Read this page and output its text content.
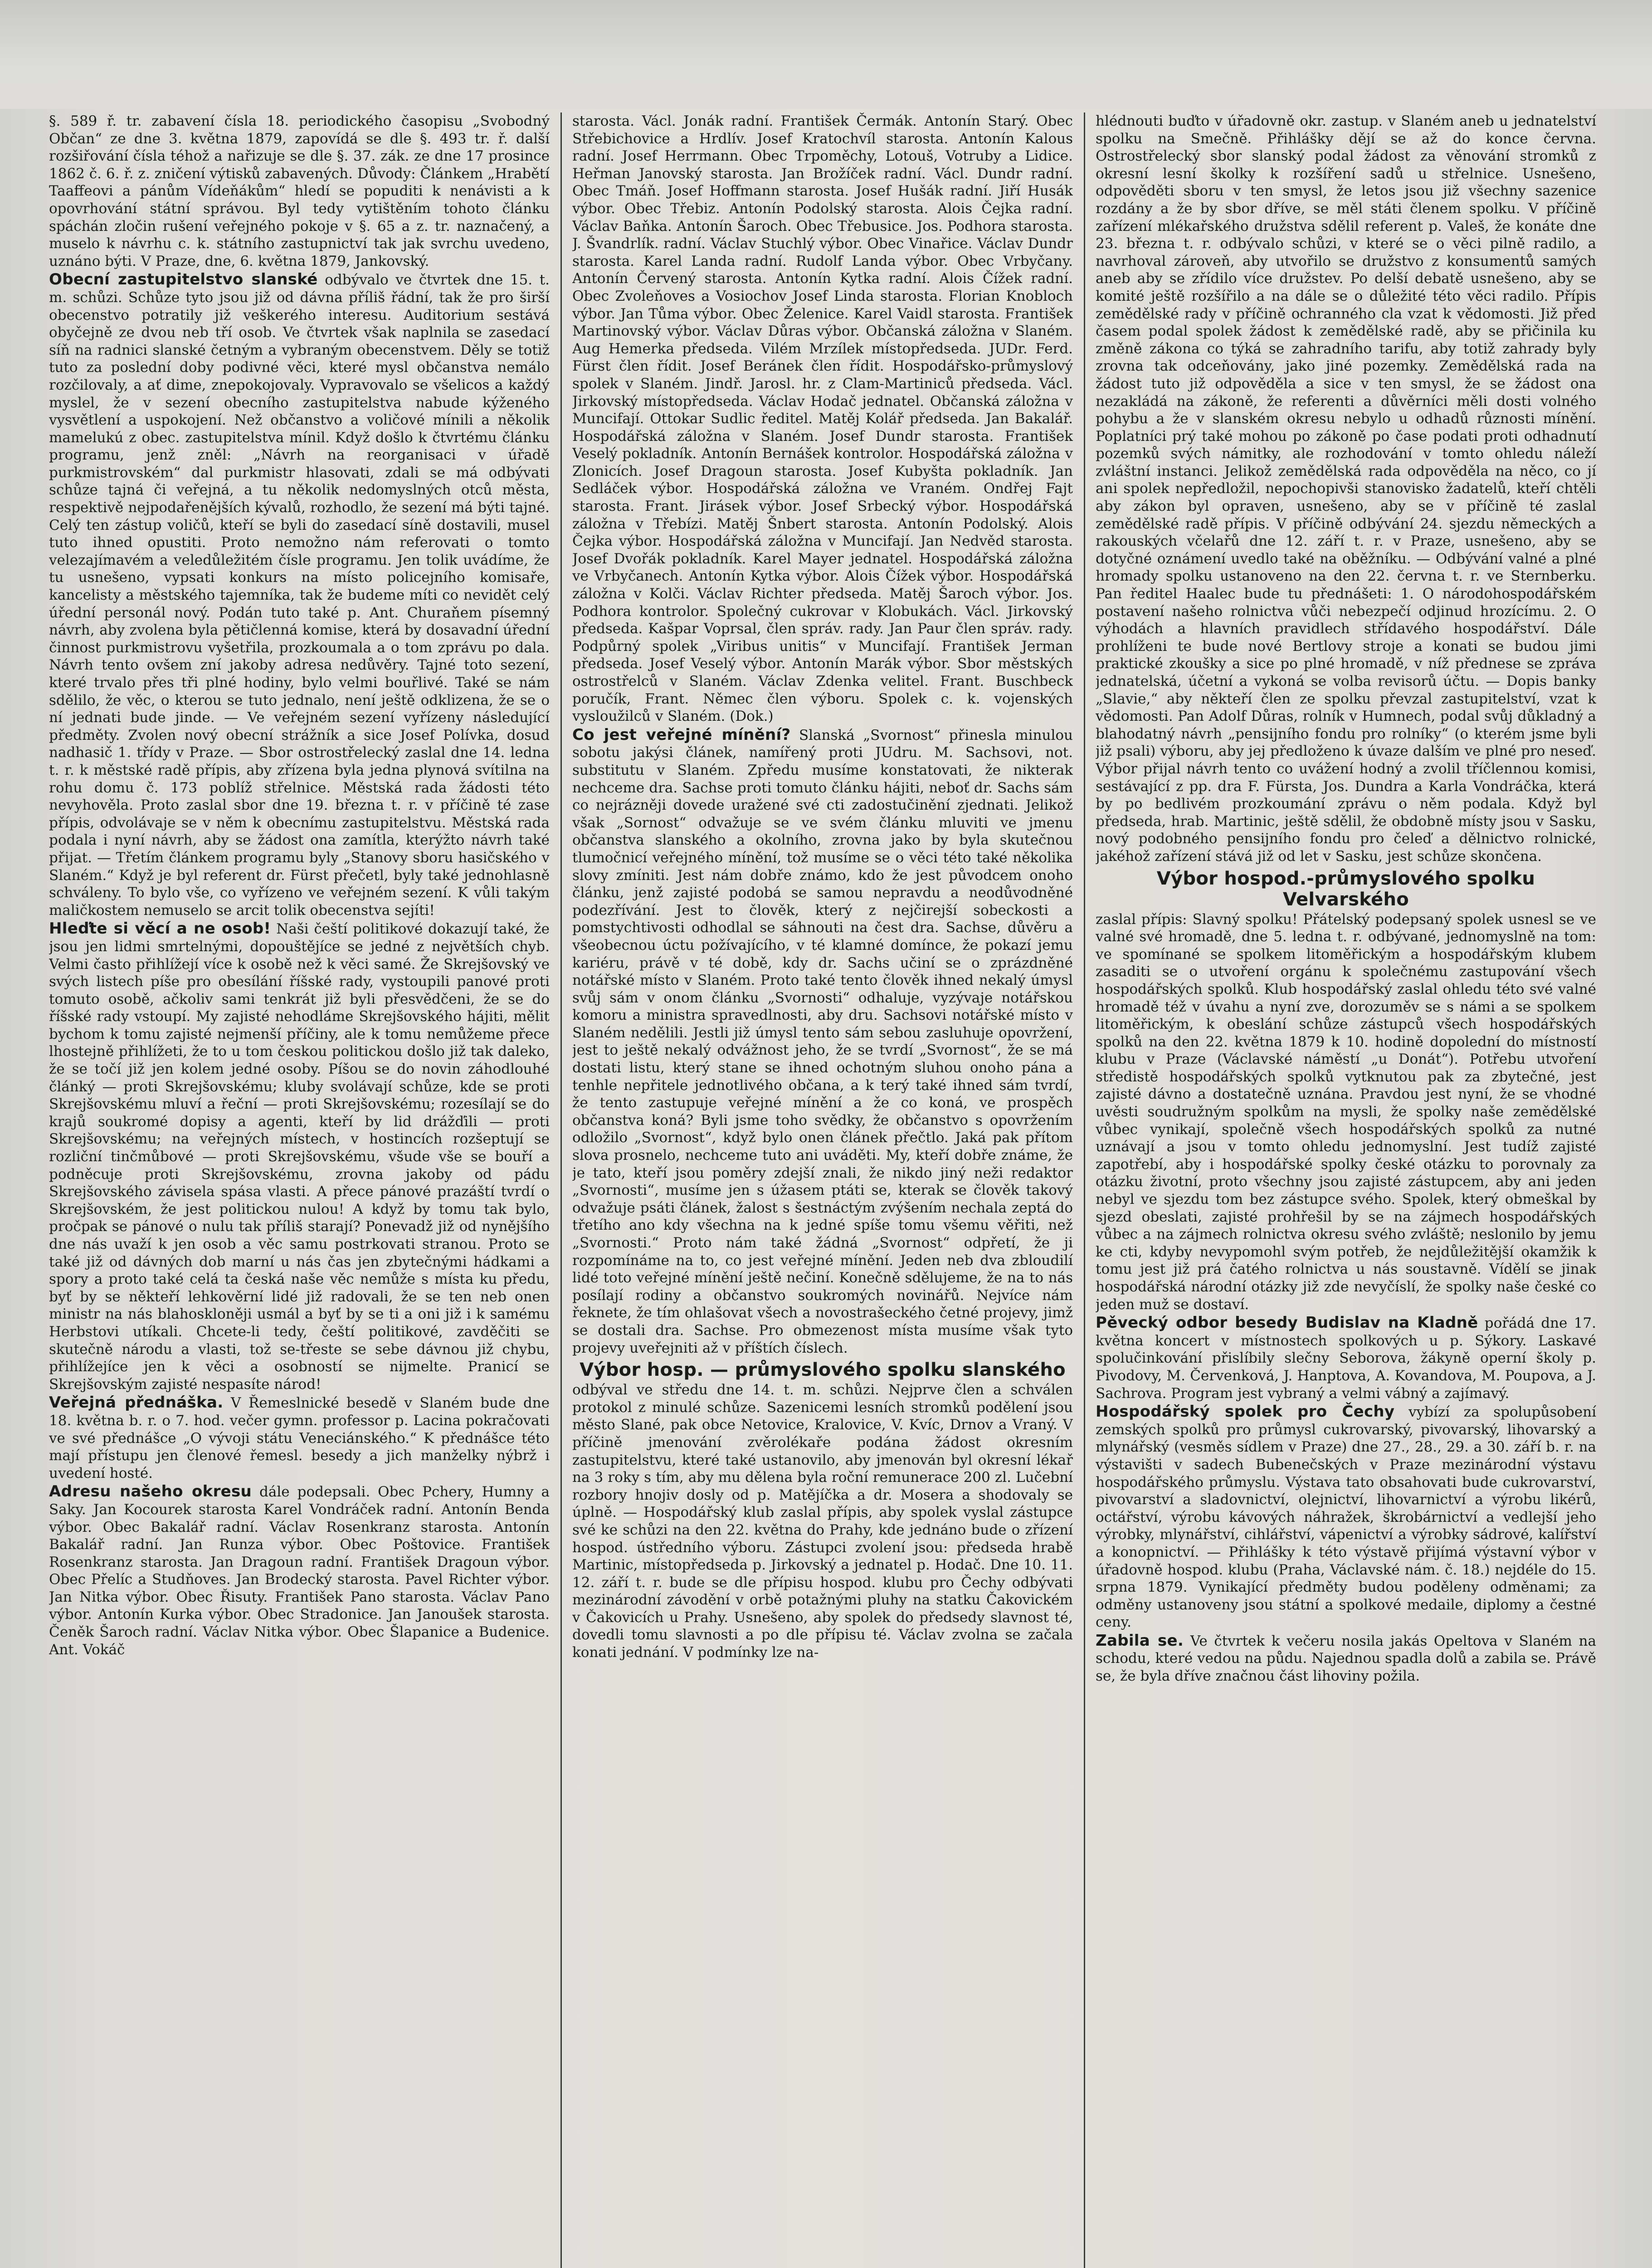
§. 589 ř. tr. zabavení čísla 18. periodického časopisu „Svobodný Občan“ ze dne 3. května 1879, zapovídá se dle §. 493 tr. ř. další rozšiřování čísla téhož a nařizuje se dle §. 37. zák. ze dne 17 prosince 1862 č. 6. ř. z. zničení výtisků zabavených. Důvody: Článkem „Hrabětí Taaffeovi a pánům Vídeňákům“ hledí se popuditi k nenávisti a k opovrhování státní správou. Byl tedy vytištěním tohoto článku spáchán zločin rušení veřejného pokoje v §. 65 a z. tr. naznačený, a muselo k návrhu c. k. státního zastupnictví tak jak svrchu uvedeno, uznáno býti. V Praze, dne, 6. května 1879, Jankovský.

Obecní zastupitelstvo slanské odbývalo ve čtvrtek dne 15. t. m. schůzi. Schůze tyto jsou již od dávna příliš řádní, tak že pro širší obecenstvo potratily již veškerého interesu. Auditorium sestává obyčejně ze dvou neb tří osob. Ve čtvrtek však naplnila se zasedací síň na radnici slanské četným a vybraným obecenstvem. Děly se totiž tuto za poslední doby podivné věci, které mysl občanstva nemálo rozčilovaly, a ať dime, znepokojovaly. Vypravovalo se všelicos a každý myslel, že v sezení obecního zastupitelstva nabude kýženého vysvětlení a uspokojení. Než občanstvo a voličové mínili a několik mamelukú z obec. zastupitelstva mínil. Když došlo k čtvrtému článku programu, jenž zněl: „Návrh na reorganisaci v úřadě purkmistrovském“ dal purkmistr hlasovati, zdali se má odbývati schůze tajná či veřejná, a tu několik nedomyslných otců města, respektivě nejpodařenějších kývalů, rozhodlo, že sezení má býti tajné. Celý ten zástup voličů, kteří se byli do zasedací síně dostavili, musel tuto ihned opustiti. Proto nemožno nám referovati o tomto velezajímavém a veledůležitém čísle programu. Jen tolik uvádíme, že tu usnešeno, vypsati konkurs na místo policejního komisaře, kancelisty a městského tajemníka, tak že budeme míti co nevidět celý úřední personál nový. Podán tuto také p. Ant. Churaňem písemný návrh, aby zvolena byla pětičlenná komise, která by dosavadní úřední činnost purkmistrovu vyšetřila, prozkoumala a o tom zprávu po dala. Návrh tento ovšem zní jakoby adresa nedůvěry. Tajné toto sezení, které trvalo přes tři plné hodiny, bylo velmi bouřlivé. Také se nám sdělilo, že věc, o kterou se tuto jednalo, není ještě odklizena, že se o ní jednati bude jinde. — Ve veřejném sezení vyřízeny následující předměty. Zvolen nový obecní strážník a sice Josef Polívka, dosud nadhasič 1. třídy v Praze. — Sbor ostrostřelecký zaslal dne 14. ledna t. r. k městské radě přípis, aby zřízena byla jedna plynová svítilna na rohu domu č. 173 poblíž střelnice. Městská rada žádosti této nevyhověla. Proto zaslal sbor dne 19. března t. r. v příčině té zase přípis, odvolávaje se v něm k obecnímu zastupitelstvu. Městská rada podala i nyní návrh, aby se žádost ona zamítla, kterýžto návrh také přijat. — Třetím článkem programu byly „Stanovy sboru hasičského v Slaném.“ Když je byl referent dr. Fürst přečetl, byly také jednohlasně schváleny. To bylo vše, co vyřízeno ve veřejném sezení. K vůli takým maličkostem nemuselo se arcit tolik obecenstva sejíti!

Hleďte si věcí a ne osob! Naši čeští politikové dokazují také, že jsou jen lidmi smrtelnými, dopouštějíce se jedné z největších chyb. Velmi často přihlížejí více k osobě než k věci samé. Že Skrejšovský ve svých listech píše pro obesílání říšské rady, vystoupili panové proti tomuto osobě, ačkoliv sami tenkrát již byli přesvědčeni, že se do říšské rady vstoupí. My zajisté nehodláme Skrejšovského hájiti, mělit bychom k tomu zajisté nejmenší příčiny, ale k tomu nemůžeme přece lhostejně přihlížeti, že to u tom českou politickou došlo již tak daleko, že se točí již jen kolem jedné osoby. Píšou se do novin záhodlouhé článký — proti Skrejšovskému; kluby svolávají schůze, kde se proti Skrejšovskému mluví a řeční — proti Skrejšovskému; rozesílají se do krajů soukromé dopisy a agenti, kteří by lid drážďili — proti Skrejšovskému; na veřejných místech, v hostincích rozšeptují se rozliční tinčmůbové — proti Skrejšovskému, všude vše se bouří a podněcuje proti Skrejšovskému, zrovna jakoby od pádu Skrejšovského závisela spása vlasti. A přece pánové prazáští tvrdí o Skrejšovském, že jest politickou nulou! A když by tomu tak bylo, pročpak se pánové o nulu tak příliš starají? Ponevadž již od nynějšího dne nás uvaží k jen osob a věc samu postrkovati stranou. Proto se také již od dávných dob marní u nás čas jen zbytečnými hádkami a spory a proto také celá ta česká naše věc nemůže s místa ku předu, byť by se někteří lehkověrní lidé již radovali, že se ten neb onen ministr na nás blahoskloněji usmál a byť by se ti a oni již i k samému Herbstovi utíkali. Chcete-li tedy, čeští politikové, zavděčiti se skutečně národu a vlasti, tož se-třeste se sebe dávnou již chybu, přihlížejíce jen k věci a osobností se nijmelte. Pranicí se Skrejšovským zajisté nespasíte národ!

Veřejná přednáška. V Řemeslnické besedě v Slaném bude dne 18. května b. r. o 7. hod. večer gymn. professor p. Lacina pokračovati ve své přednášce „O vývoji státu Veneciánského.“ K přednášce této mají přístupu jen členové řemesl. besedy a jich manželky nýbrž i uvedení hosté.

Adresu našeho okresu dále podepsali. Obec Pchery, Humny a Saky. Jan Kocourek starosta Karel Vondráček radní. Antonín Benda výbor. Obec Bakalář radní. Václav Rosenkranz starosta. Antonín Bakalář radní. Jan Runza výbor. Obec Poštovice. František Rosenkranz starosta. Jan Dragoun radní. František Dragoun výbor. Obec Přelíc a Studňoves. Jan Brodecký starosta. Pavel Richter výbor. Jan Nitka výbor. Obec Řisuty. František Pano starosta. Václav Pano výbor. Antonín Kurka výbor. Obec Stradonice. Jan Janoušek starosta. Čeněk Šaroch radní. Václav Nitka výbor. Obec Šlapanice a Budenice. Ant. Vokáč

starosta. Václ. Jonák radní. František Čermák. Antonín Starý. Obec Střebichovice a Hrdlív. Josef Kratochvíl starosta. Antonín Kalous radní. Josef Herrmann. Obec Trpoměchy, Lotouš, Votruby a Lidice. Heřman Janovský starosta. Jan Brožíček radní. Václ. Dundr radní. Obec Tmáň. Josef Hoffmann starosta. Josef Hušák radní. Jiří Husák výbor. Obec Třebiz. Antonín Podolský starosta. Alois Čejka radní. Václav Baňka. Antonín Šaroch. Obec Třebusice. Jos. Podhora starosta. J. Švandrlík. radní. Václav Stuchlý výbor. Obec Vinařice. Václav Dundr starosta. Karel Landa radní. Rudolf Landa výbor. Obec Vrbyčany. Antonín Červený starosta. Antonín Kytka radní. Alois Čížek radní. Obec Zvoleňoves a Vosiochov Josef Linda starosta. Florian Knobloch výbor. Jan Tůma výbor. Obec Želenice. Karel Vaidl starosta. František Martinovský výbor. Václav Důras výbor. Občanská záložna v Slaném. Aug Hemerka předseda. Vilém Mrzílek místopředseda. JUDr. Ferd. Fürst člen řídit. Josef Beránek člen řídit. Hospodářsko-průmyslový spolek v Slaném. Jindř. Jarosl. hr. z Clam-Martiniců předseda. Václ. Jirkovský místopředseda. Václav Hodač jednatel. Občanská záložna v Muncifají. Ottokar Sudlic ředitel. Matěj Kolář předseda. Jan Bakalář. Hospodářská záložna v Slaném. Josef Dundr starosta. František Veselý pokladník. Antonín Bernášek kontrolor. Hospodářská záložna v Zlonicích. Josef Dragoun starosta. Josef Kubyšta pokladník. Jan Sedláček výbor. Hospodářská záložna ve Vraném. Ondřej Fajt starosta. Frant. Jirásek výbor. Josef Srbecký výbor. Hospodářská záložna v Třebízi. Matěj Šnbert starosta. Antonín Podolský. Alois Čejka výbor. Hospodářská záložna v Muncifají. Jan Nedvěd starosta. Josef Dvořák pokladník. Karel Mayer jednatel. Hospodářská záložna ve Vrbyčanech. Antonín Kytka výbor. Alois Čížek výbor. Hospodářská záložna v Kolči. Václav Richter předseda. Matěj Šaroch výbor. Jos. Podhora kontrolor. Společný cukrovar v Klobukách. Václ. Jirkovský předseda. Kašpar Voprsal, člen správ. rady. Jan Paur člen správ. rady. Podpůrný spolek „Viribus unitis“ v Muncifají. František Jerman předseda. Josef Veselý výbor. Antonín Marák výbor. Sbor městských ostrostřelců v Slaném. Václav Zdenka velitel. Frant. Buschbeck poručík, Frant. Němec člen výboru. Spolek c. k. vojenských vysloužilců v Slaném. (Dok.)

Co jest veřejné mínění? Slanská „Svornost“ přinesla minulou sobotu jakýsi článek, namířený proti JUdru. M. Sachsovi, not. substitutu v Slaném. Zpředu musíme konstatovati, že nikterak nechceme dra. Sachse proti tomuto článku hájiti, neboť dr. Sachs sám co nejrázněji dovede uražené své cti zadostučinění zjednati. Jelikož však „Sornost“ odvažuje se ve svém článku mluviti ve jmenu občanstva slanského a okolního, zrovna jako by byla skutečnou tlumočnicí veřejného mínění, tož musíme se o věci této také několika slovy zmíniti. Jest nám dobře známo, kdo že jest původcem onoho článku, jenž zajisté podobá se samou nepravdu a neodůvodněné podezřívání. Jest to člověk, který z nejčirejší sobeckosti a pomstychtivosti odhodlal se sáhnouti na čest dra. Sachse, důvěru a všeobecnou úctu požívajícího, v té klamné domínce, že pokazí jemu kariéru, právě v té době, kdy dr. Sachs učiní se o zprázdněné notářské místo v Slaném. Proto také tento člověk ihned nekalý úmysl svůj sám v onom článku „Svornosti“ odhaluje, vyzývaje notářskou komoru a ministra spravedlnosti, aby dru. Sachsovi notářské místo v Slaném nedělili. Jestli již úmysl tento sám sebou zasluhuje opovržení, jest to ještě nekalý odvážnost jeho, že se tvrdí „Svornost“, že se má dostati listu, který stane se ihned ochotným sluhou onoho pána a tenhle nepřitele jednotlivého občana, a k terý také ihned sám tvrdí, že tento zastupuje veřejné mínění a že co koná, ve prospěch občanstva koná? Byli jsme toho svědky, že občanstvo s opovržením odložilo „Svornost“, když bylo onen článek přečtlo. Jaká pak přítom slova prosnelo, nechceme tuto ani uváděti. My, kteří dobře známe, že je tato, kteří jsou poměry zdejší znali, že nikdo jiný neži redaktor „Svornosti“, musíme jen s úžasem ptáti se, kterak se člověk takový odvažuje psáti článek, žalost s šestnáctým zvýšením nechala zeptá do třetího ano kdy všechna na k jedné spíše tomu všemu věřiti, než „Svornosti.“ Proto nám také žádná „Svornost“ odpřetí, že ji rozpomínáme na to, co jest veřejné mínění. Jeden neb dva zbloudilí lidé toto veřejné mínění ještě nečiní. Konečně sdělujeme, že na to nás posílají rodiny a občanstvo soukromých novinářů. Nejvíce nám řeknete, že tím ohlašovat všech a novostrašeckého četné projevy, jimž se dostali dra. Sachse. Pro obmezenost místa musíme však tyto projevy uveřejniti až v příštích číslech.

Výbor hosp. — průmyslového spolku slanského
odbýval ve středu dne 14. t. m. schůzi. Nejprve člen a schválen protokol z minulé schůze. Sazenicemi lesních stromků podělení jsou město Slané, pak obce Netovice, Kralovice, V. Kvíc, Drnov a Vraný. V příčině jmenování zvěrolékaře podána žádost okresním zastupitelstvu, které také ustanovilo, aby jmenován byl okresní lékař na 3 roky s tím, aby mu dělena byla roční remunerace 200 zl. Lučební rozbory hnojiv dosly od p. Matějíčka a dr. Mosera a shodovaly se úplně. — Hospodářský klub zaslal přípis, aby spolek vyslal zástupce své ke schůzi na den 22. května do Prahy, kde jednáno bude o zřízení hospod. ústředního výboru. Zástupci zvolení jsou: předseda hrabě Martinic, místopředseda p. Jirkovský a jednatel p. Hodač. Dne 10. 11. 12. září t. r. bude se dle přípisu hospod. klubu pro Čechy odbývati mezinárodní závodění v orbě potažnými pluhy na statku Čakovickém v Čakovicích u Prahy. Usnešeno, aby spolek do předsedy slavnost té, dovedli tomu slavnosti a po dle přípisu té. Václav zvolna se začala konati jednání. V podmínky lze na-

hlédnouti buďto v úřadovně okr. zastup. v Slaném aneb u jednatelství spolku na Smečně. Přihlášky dějí se až do konce června. Ostrostřelecký sbor slanský podal žádost za věnování stromků z okresní lesní školky k rozšíření sadů u střelnice. Usnešeno, odpověděti sboru v ten smysl, že letos jsou již všechny sazenice rozdány a že by sbor dříve, se měl státi členem spolku. V příčině zařízení mlékařského družstva sdělil referent p. Valeš, že konáte dne 23. března t. r. odbývalo schůzi, v které se o věci pilně radilo, a navrhoval zároveň, aby utvořilo se družstvo z konsumentů samých aneb aby se zřídilo více družstev. Po delší debatě usnešeno, aby se komité ještě rozšířilo a na dále se o důležité této věci radilo. Přípis zemědělské rady v příčině ochranného cla vzat k vědomosti. Již před časem podal spolek žádost k zemědělské radě, aby se přičinila ku změně zákona co týká se zahradního tarifu, aby totiž zahrady byly zrovna tak odceňovány, jako jiné pozemky. Zemědělská rada na žádost tuto již odpověděla a sice v ten smysl, že se žádost ona nezakládá na zákoně, že referenti a důvěrníci měli dosti volného pohybu a že v slanském okresu nebylo u odhadů různosti mínění. Poplatníci prý také mohou po zákoně po čase podati proti odhadnutí pozemků svých námitky, ale rozhodování v tomto ohledu náleží zvláštní instanci. Jelikož zemědělská rada odpověděla na něco, co jí ani spolek nepředložil, nepochopivši stanovisko žadatelů, kteří chtěli aby zákon byl opraven, usnešeno, aby se v příčině té zaslal zemědělské radě přípis. V příčině odbývání 24. sjezdu německých a rakouských včelařů dne 12. září t. r. v Praze, usnešeno, aby se dotyčné oznámení uvedlo také na oběžníku. — Odbývání valné a plné hromady spolku ustanoveno na den 22. června t. r. ve Sternberku. Pan ředitel Haalec bude tu přednášeti: 1. O národohospodářském postavení našeho rolnictva vůči nebezpečí odjinud hrozícímu. 2. O výhodách a hlavních pravidlech střídavého hospodářství. Dále prohlíženi te bude nové Bertlovy stroje a konati se budou jimi praktické zkoušky a sice po plné hromadě, v níž přednese se zpráva jednatelská, účetní a vykoná se volba revisorů účtu. — Dopis banky „Slavie,“ aby někteří člen ze spolku převzal zastupitelství, vzat k vědomosti. Pan Adolf Důras, rolník v Humnech, podal svůj důkladný a blahodatný návrh „pensijního fondu pro rolníky“ (o kterém jsme byli již psali) výboru, aby jej předloženo k úvaze dalším ve plné pro neseď. Výbor přijal návrh tento co uvážení hodný a zvolil tříčlennou komisi, sestávající z pp. dra F. Fürsta, Jos. Dundra a Karla Vondráčka, která by po bedlivém prozkoumání zprávu o něm podala. Když byl předseda, hrab. Martinic, ještě sdělil, že obdobně místy jsou v Sasku, nový podobného pensijního fondu pro čeleď a dělnictvo rolnické, jakéhož zařízení stává již od let v Sasku, jest schůze skončena.

Výbor hospod.-průmyslového spolku Velvarského
zaslal přípis: Slavný spolku! Přátelský podepsaný spolek usnesl se ve valné své hromadě, dne 5. ledna t. r. odbývané, jednomyslně na tom: ve spomínané se spolkem litoměřickým a hospodářským klubem zasaditi se o utvoření orgánu k společnému zastupování všech hospodářských spolků. Klub hospodářský zaslal ohledu této své valné hromadě též v úvahu a nyní zve, dorozuměv se s námi a se spolkem litoměřickým, k obeslání schůze zástupců všech hospodářských spolků na den 22. května 1879 k 10. hodině dopolední do místností klubu v Praze (Václavské náměstí „u Donát“). Potřebu utvoření středistě hospodářských spolků vytknutou pak za zbytečné, jest zajisté dávno a dostatečně uznána. Pravdou jest nyní, že se vhodné uvěsti soudružným spolkům na mysli, že spolky naše zemědělské vůbec vynikají, společně všech hospodářských spolků za nutné uznávají a jsou v tomto ohledu jednomyslní. Jest tudíž zajisté zapotřebí, aby i hospodářské spolky české otázku to porovnaly za otázku životní, proto všechny jsou zajisté zástupcem, aby ani jeden nebyl ve sjezdu tom bez zástupce svého. Spolek, který obmeškal by sjezd obeslati, zajisté prohřešil by se na zájmech hospodářských vůbec a na zájmech rolnictva okresu svého zvláště; neslonilo by jemu ke cti, kdyby nevypomohl svým potřeb, že nejdůležitější okamžik k tomu jest již prá čatého rolnictva u nás soustavně. Vídělí se jinak hospodářská národní otázky již zde nevyčíslí, že spolky naše české co jeden muž se dostaví.

Pěvecký odbor besedy Budislav na Kladně pořádá dne 17. května koncert v místnostech spolkových u p. Sýkory. Laskavé spolučinkování přislíbily slečny Seborova, žákyně operní školy p. Pivodovy, M. Červenková, J. Hanptova, A. Kovandova, M. Poupova, a J. Sachrova. Program jest vybraný a velmi vábný a zajímavý.

Hospodářský spolek pro Čechy vybízí za spolupůsobení zemských spolků pro průmysl cukrovarský, pivovarský, lihovarský a mlynářský (vesměs sídlem v Praze) dne 27., 28., 29. a 30. září b. r. na výstavišti v sadech Bubenečských v Praze mezinárodní výstavu hospodářského průmyslu. Výstava tato obsahovati bude cukrovarství, pivovarství a sladovnictví, olejnictví, lihovarnictví a výrobu likérů, octářství, výrobu kávových náhražek, škrobárnictví a vedlejší jeho výrobky, mlynářství, cihlářství, vápenictví a výrobky sádrové, kalířství a konopnictví. — Přihlášky k této výstavě přijímá výstavní výbor v úřadovně hospod. klubu (Praha, Václavské nám. č. 18.) nejdéle do 15. srpna 1879. Vynikající předměty budou poděleny odměnami; za odměny ustanoveny jsou státní a spolkové medaile, diplomy a čestné ceny.

Zabila se. Ve čtvrtek k večeru nosila jakás Opeltova v Slaném na schodu, které vedou na půdu. Najednou spadla dolů a zabila se. Právě se, že byla dříve značnou část lihoviny požila.
